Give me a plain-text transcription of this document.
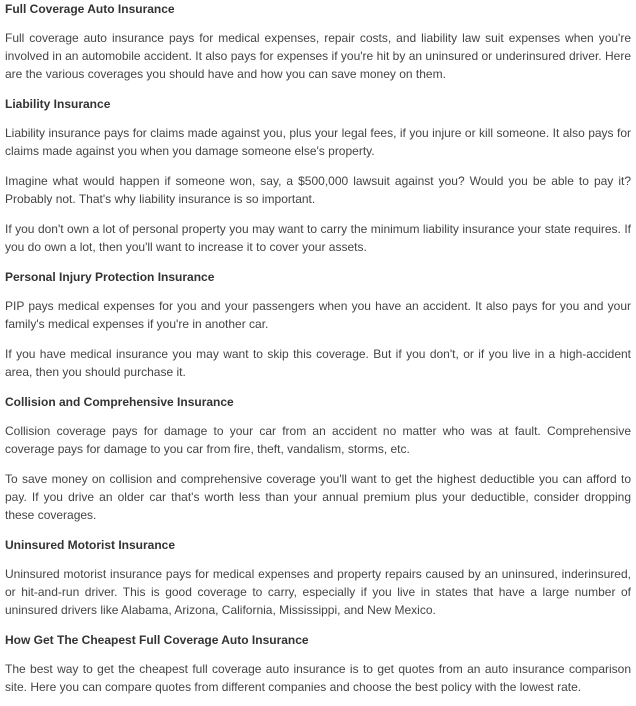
Full Coverage Auto Insurance

Full coverage auto insurance pays for medical expenses, repair costs, and liability law suit expenses when you're involved in an automobile accident. It also pays for expenses if you're hit by an uninsured or underinsured driver. Here are the various coverages you should have and how you can save money on them.

Liability Insurance

Liability insurance pays for claims made against you, plus your legal fees, if you injure or kill someone. It also pays for claims made against you when you damage someone else's property.

Imagine what would happen if someone won, say, a $500,000 lawsuit against you? Would you be able to pay it? Probably not. That's why liability insurance is so important.

If you don't own a lot of personal property you may want to carry the minimum liability insurance your state requires. If you do own a lot, then you'll want to increase it to cover your assets.

Personal Injury Protection Insurance

PIP pays medical expenses for you and your passengers when you have an accident. It also pays for you and your family's medical expenses if you're in another car.

If you have medical insurance you may want to skip this coverage. But if you don't, or if you live in a high-accident area, then you should purchase it.

Collision and Comprehensive Insurance

Collision coverage pays for damage to your car from an accident no matter who was at fault. Comprehensive coverage pays for damage to you car from fire, theft, vandalism, storms, etc.

To save money on collision and comprehensive coverage you'll want to get the highest deductible you can afford to pay. If you drive an older car that's worth less than your annual premium plus your deductible, consider dropping these coverages.

Uninsured Motorist Insurance

Uninsured motorist insurance pays for medical expenses and property repairs caused by an uninsured, inderinsured, or hit-and-run driver. This is good coverage to carry, especially if you live in states that have a large number of uninsured drivers like Alabama, Arizona, California, Mississippi, and New Mexico.

How Get The Cheapest Full Coverage Auto Insurance

The best way to get the cheapest full coverage auto insurance is to get quotes from an auto insurance comparison site. Here you can compare quotes from different companies and choose the best policy with the lowest rate.
